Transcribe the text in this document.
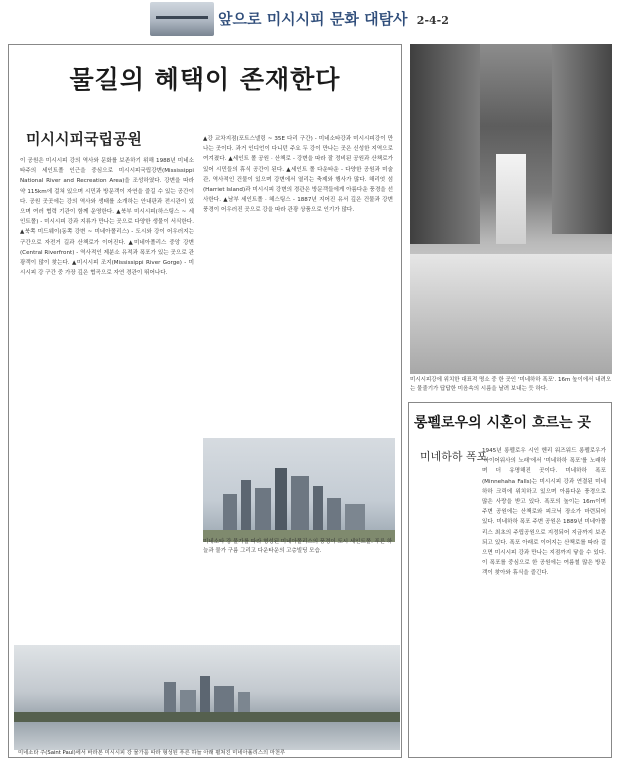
앞으로 미시시피 문화 대탐사 2-4-2
물길의 혜택이 존재한다
미시시피국립공원
이 공원은 미시시피 강의 역사와 문화를 보존하기 위해 1988년 미네소타주의 세인트폴 인근을 중심으로 미시시피국립강변(Mississippi National River and Recreation Area)을 조성하였다. 강변을 따라 약 115km에 걸쳐 있으며 시민과 방문객이 자연을 즐길 수 있는 공간이다. 공원 곳곳에는 강의 역사와 생태를 소개하는 안내판과 전시관이 있으며 여러 협력 기관이 함께 운영한다. ▲북부 미시시피(하스팅스 ~ 세인트폴) - 미시시피 강과 지류가 만나는 곳으로 다양한 생물이 서식한다. ▲북쪽 미드웨이(동쪽 강변 ~ 미네아폴리스) - 도시와 강이 어우러지는 구간으로 자전거 길과 산책로가 이어진다. ▲미네아폴리스 중앙 강변(Central Riverfront) - 역사적인 제분소 유적과 폭포가 있는 곳으로 관광객이 많이 찾는다. ▲미시시피 조지(Mississippi River Gorge) - 미시시피 강 구간 중 가장 깊은 협곡으로 자연 경관이 뛰어나다.
▲강 교차지점(포트스넬링 ~ 35E 다리 구간) - 미네소타강과 미시시피강이 만나는 곳이다. 과거 인디언이 다니던 주요 두 강이 만나는 곳은 신성한 지역으로 여겨졌다. ▲세인트 폴 공원 · 산책로 - 강변을 따라 잘 정비된 공원과 산책로가 있어 시민들의 휴식 공간이 된다. ▲세인트 폴 다운타운 - 다양한 공원과 미술관, 역사적인 건물이 있으며 강변에서 열리는 축제와 행사가 많다. 해리엇 섬(Harriet Island)과 미시시피 강변의 경관은 방문객들에게 아름다운 풍경을 선사한다. ▲남부 세인트폴 · 헤스팅스 - 1887년 지어진 유서 깊은 건물과 강변 풍경이 어우러진 곳으로 강을 따라 관광 상품으로 인기가 많다.
미네소타 강 물가를 따라 형성된 미네아폴리스의 풍경이 도시 세인트폴. 푸른 하늘과 물가 구름 그리고 다운타운의 고층빌딩 모습.
미네소타 주(Saint Paul)에서 바라본 미시시피 강 물가를 따라 형성된 푸른 하늘 아래 펼쳐진 미네아폴리스의 마천루
미시시피강에 위치한 대표적 명소 중 한 곳인 '미네하하 폭포'. 16m 높이에서 내려오는 물줄기가 답답한 미음속의 시름을 날려 보내는 듯 하다.
롱펠로우의 시혼이 흐르는 곳
미네하하 폭포
1945년 롱펠로우 시인 헨리 워즈워드 롱펠로우가 '하이어워사의 노래'에서 '미네하하 폭포'를 노래하며 더 유명해진 곳이다. 미네하하 폭포(Minnehaha Falls)는 미시시피 강과 연결된 미네하하 크릭에 위치하고 있으며 아름다운 풍경으로 많은 사랑을 받고 있다. 폭포의 높이는 16m이며 주변 공원에는 산책로와 피크닉 장소가 마련되어 있다. 미네하하 폭포 주변 공원은 1889년 미네아폴리스 최초의 주립공원으로 지정되어 지금까지 보존되고 있다. 폭포 아래로 이어지는 산책로를 따라 걸으면 미시시피 강과 만나는 지점까지 닿을 수 있다. 이 폭포를 중심으로 한 공원에는 여름철 많은 방문객이 찾아와 휴식을 즐긴다.
